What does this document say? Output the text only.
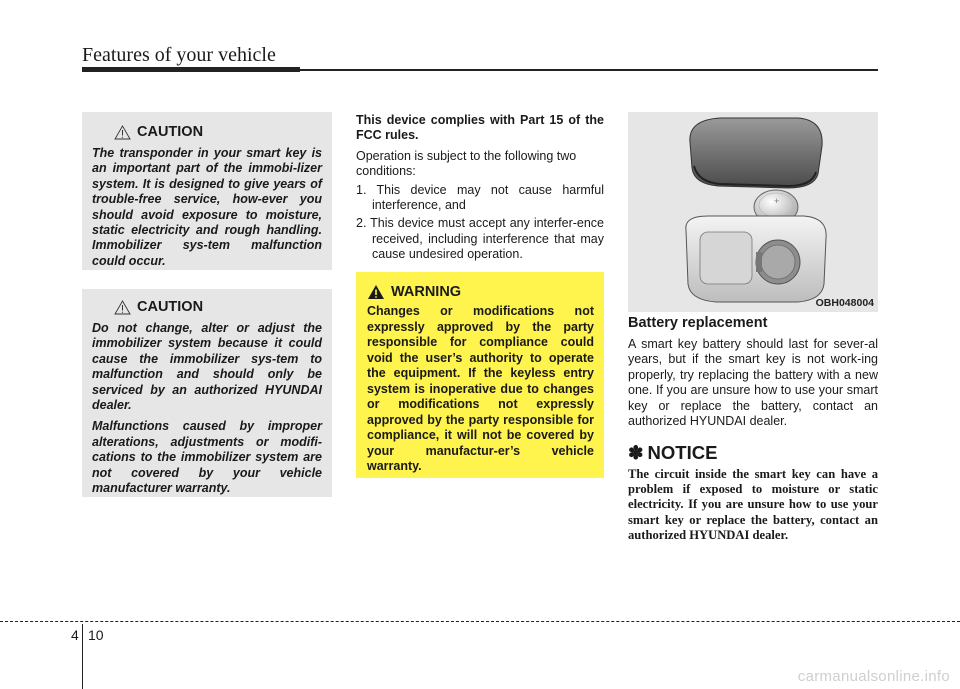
Features of your vehicle
CAUTION
The transponder in your smart key is an important part of the immobi-lizer system. It is designed to give years of trouble-free service, how-ever you should avoid exposure to moisture, static electricity and rough handling. Immobilizer sys-tem malfunction could occur.
CAUTION

Do not change, alter or adjust the immobilizer system because it could cause the immobilizer sys-tem to malfunction and should only be serviced by an authorized HYUNDAI dealer.

Malfunctions caused by improper alterations, adjustments or modifi-cations to the immobilizer system are not covered by your vehicle manufacturer warranty.

This device complies with Part 15 of the FCC rules.

Operation is subject to the following two conditions:

1. This device may not cause harmful interference, and

2. This device must accept any interfer-ence received, including interference that may cause undesired operation.

WARNING
Changes or modifications not expressly approved by the party responsible for compliance could void the user’s authority to operate the equipment. If the keyless entry system is inoperative due to changes or modifications not expressly approved by the party responsible for compliance, it will not be covered by your manufactur-er’s vehicle warranty.
+
OBH048004
Battery replacement
A smart key battery should last for sever-al years, but if the smart key is not work-ing properly, try replacing the battery with a new one. If you are unsure how to use your smart key or replace the battery, contact an authorized HYUNDAI dealer.
✽ NOTICE
The circuit inside the smart key can have a problem if exposed to moisture or static electricity. If you are unsure how to use your smart key or replace the battery, contact an authorized HYUNDAI dealer.
4 10
carmanualsonline.info
